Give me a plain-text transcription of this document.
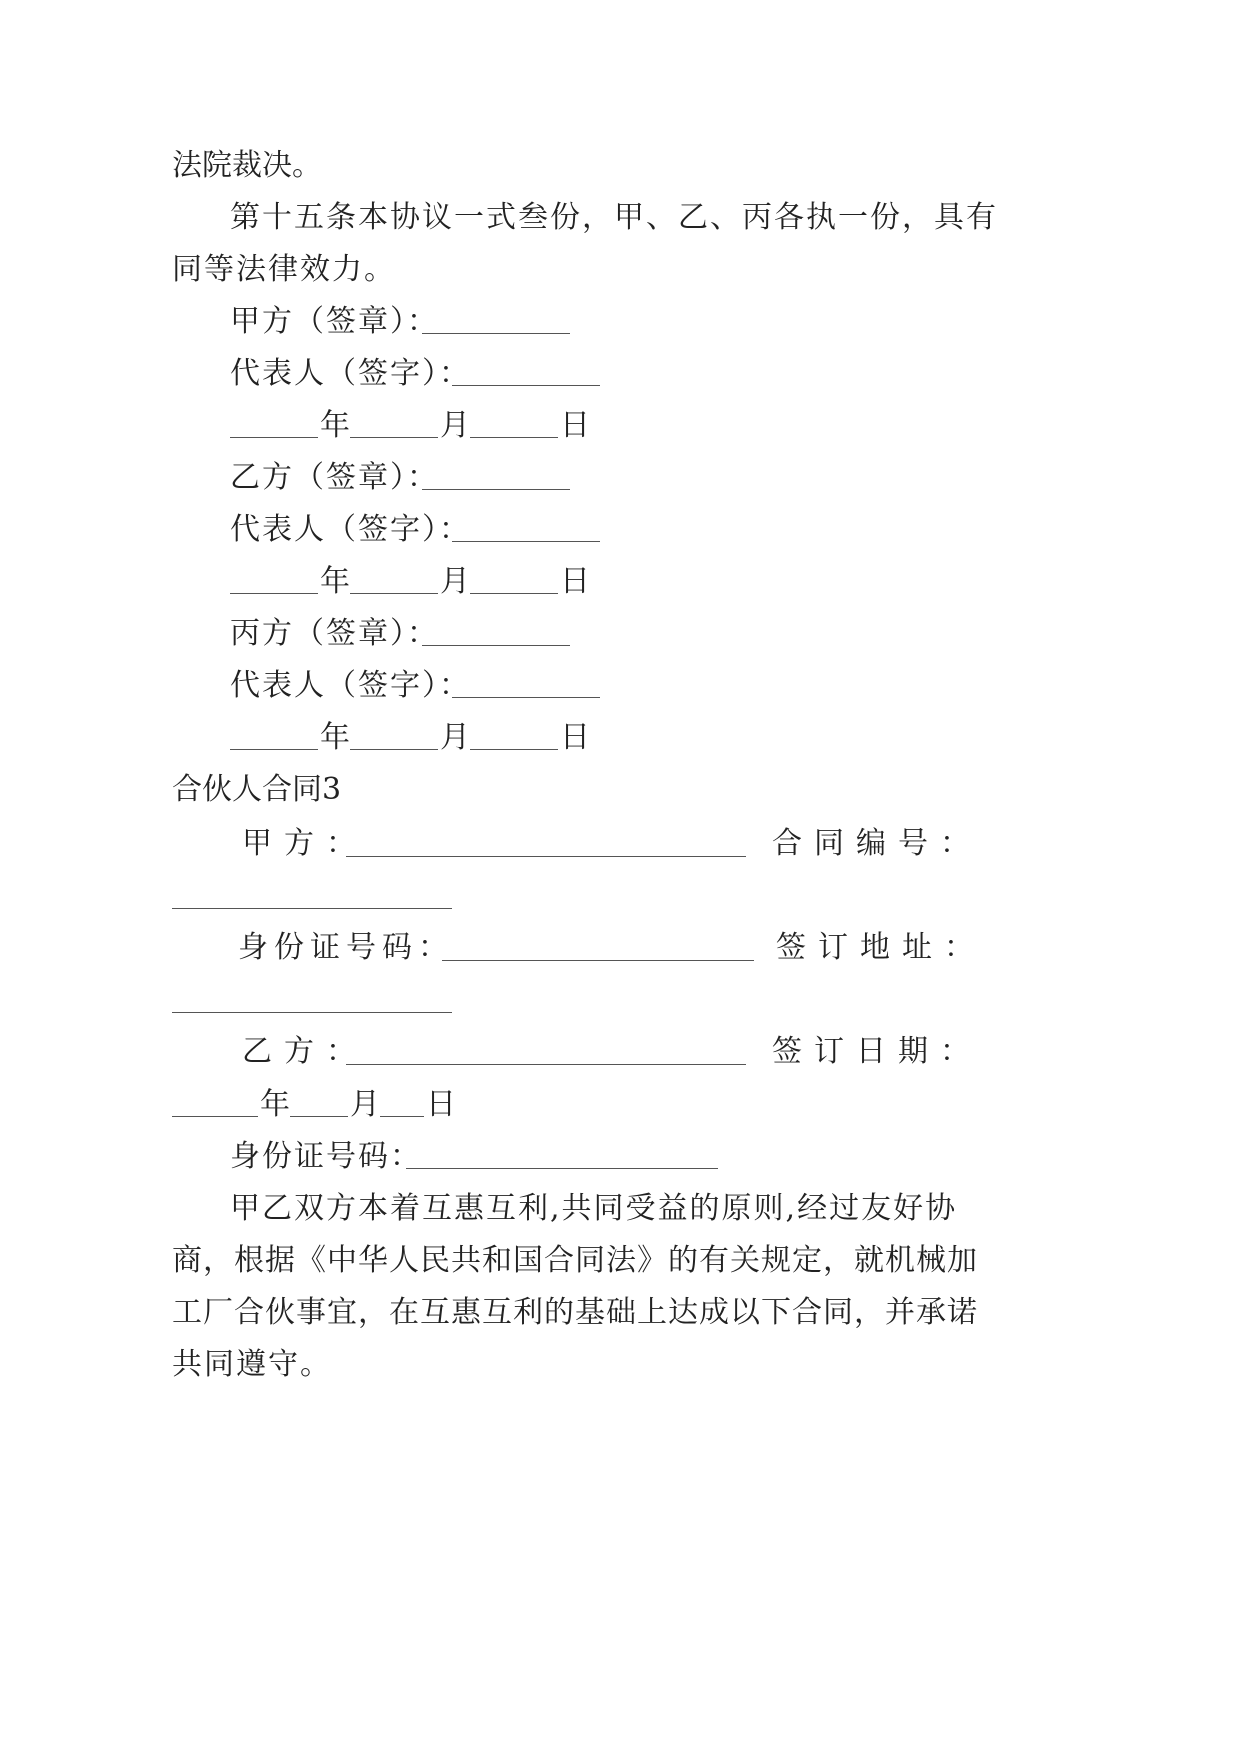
法院裁决。

第十五条本协议一式叁份，甲、乙、丙各执一份，具有

同等法律效力。

甲方（签章）：

代表人（签字）：

年	月	日

乙方（签章）：

代表人（签字）：

年	月	日

丙方（签章）：

代表人（签字）：

年	月	日

合伙人合同3

甲方：	合同编号：

身份证号码：	签订地址：

乙方：	签订日期：

年 月 日

身份证号码：

甲乙双方本着互惠互利,共同受益的原则,经过友好协

商，根据《中华人民共和国合同法》的有关规定，就机械加

工厂合伙事宜，在互惠互利的基础上达成以下合同，并承诺

共同遵守。
